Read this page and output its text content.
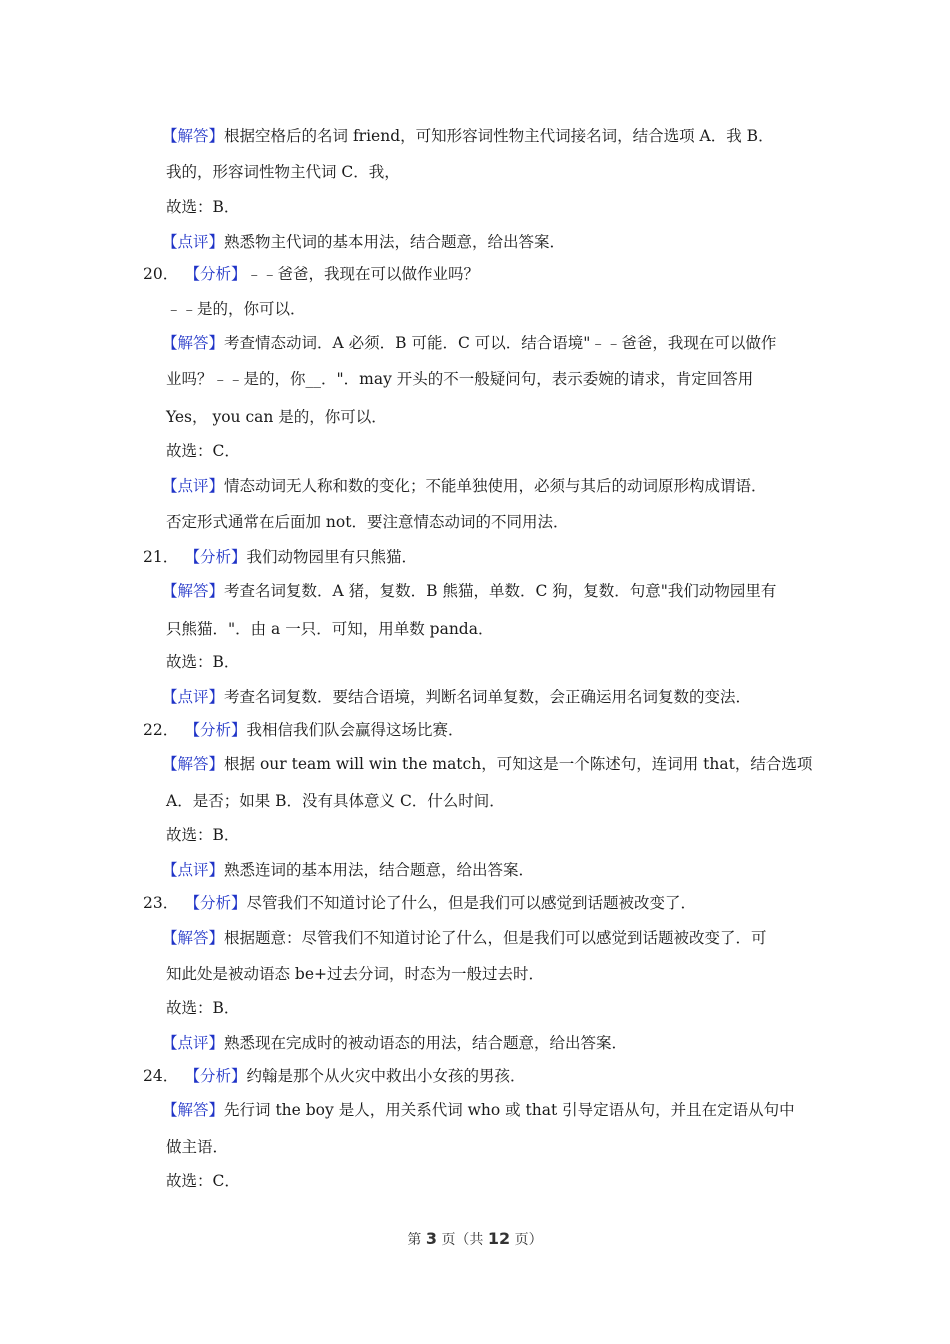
【解答】根据空格后的名词 friend，可知形容词性物主代词接名词，结合选项 A．我 B．
我的，形容词性物主代词 C．我，
故选：B．
【点评】熟悉物主代词的基本用法，结合题意，给出答案．
20． 【分析】﹣﹣爸爸，我现在可以做作业吗？
﹣﹣是的，你可以．
【解答】考查情态动词．A 必须．B 可能．C 可以．结合语境"﹣﹣爸爸，我现在可以做作
业吗？﹣﹣是的，你__．"．may 开头的不一般疑问句，表示委婉的请求，肯定回答用
Yes， you can 是的，你可以．
故选：C．
【点评】情态动词无人称和数的变化；不能单独使用，必须与其后的动词原形构成谓语．
否定形式通常在后面加 not．要注意情态动词的不同用法．
21． 【分析】我们动物园里有只熊猫．
【解答】考查名词复数．A 猪，复数．B 熊猫，单数．C 狗，复数．句意"我们动物园里有
只熊猫．"．由 a 一只．可知，用单数 panda．
故选：B．
【点评】考查名词复数．要结合语境，判断名词单复数，会正确运用名词复数的变法．
22． 【分析】我相信我们队会赢得这场比赛．
【解答】根据 our team will win the match，可知这是一个陈述句，连词用 that，结合选项
A．是否；如果 B．没有具体意义 C．什么时间．
故选：B．
【点评】熟悉连词的基本用法，结合题意，给出答案．
23． 【分析】尽管我们不知道讨论了什么，但是我们可以感觉到话题被改变了．
【解答】根据题意：尽管我们不知道讨论了什么，但是我们可以感觉到话题被改变了．可
知此处是被动语态 be+过去分词，时态为一般过去时．
故选：B．
【点评】熟悉现在完成时的被动语态的用法，结合题意，给出答案．
24． 【分析】约翰是那个从火灾中救出小女孩的男孩．
【解答】先行词 the boy 是人，用关系代词 who 或 that 引导定语从句，并且在定语从句中
做主语．
故选：C．
第 3 页（共 12 页）
